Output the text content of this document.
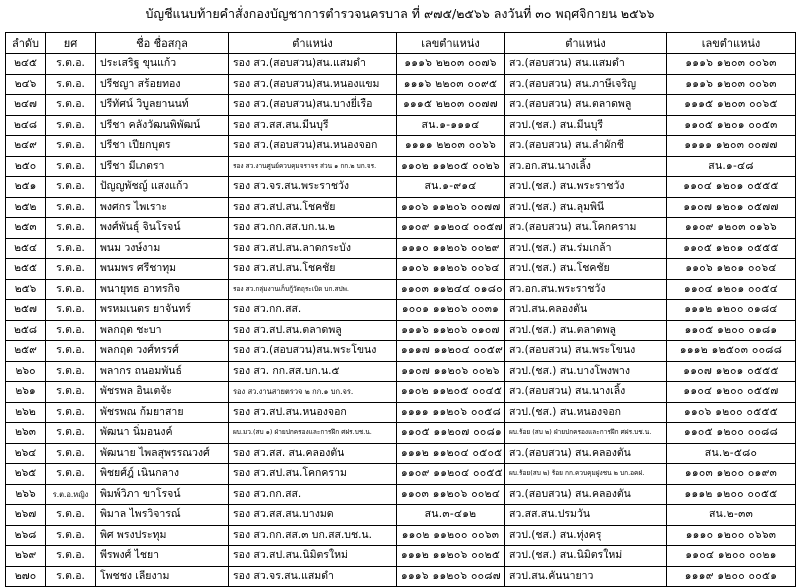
บัญชีแนบท้ายคำสั่งกองบัญชาการตำรวจนครบาล ที่ ๙๗๕/๒๕๖๖ ลงวันที่ ๓๐ พฤศจิกายน ๒๕๖๖
ลำดับ	ยศ	ชื่อ ชื่อสกุล	ตำแหน่ง	เลขตำแหน่ง	ตำแหน่ง	เลขตำแหน่ง
๒๔๕	ร.ต.อ.	ประเสริฐ ขุนแก้ว	รอง สว.(สอบสวน)สน.แสมดำ	๑๑๑๖ ๒๒๐๓ ๐๐๗๖	สว.(สอบสวน) สน.แสมดำ	๑๑๑๖ ๑๒๐๓ ๐๐๖๓
๒๔๖	ร.ต.อ.	ปรีชญา สร้อยทอง	รอง สว.(สอบสวน)สน.หนองแขม	๑๑๑๖ ๒๒๐๓ ๐๐๙๕	สว.(สอบสวน) สน.ภาษีเจริญ	๑๑๑๖ ๑๒๐๓ ๐๐๖๓
๒๔๗	ร.ต.อ.	ปรีทัศน์ วิบูลยานนท์	รอง สว.(สอบสวน)สน.บางยี่เรือ	๑๑๑๕ ๒๒๐๓ ๐๐๗๗	สว.(สอบสวน) สน.ตลาดพลู	๑๑๑๕ ๑๒๐๓ ๐๐๖๕
๒๔๘	ร.ต.อ.	ปรีชา คลังวัฒนพิพัฒน์	รอง สว.สส.สน.มีนบุรี	สน.๑-๑๑๑๔	สวป.(ชส.) สน.มีนบุรี	๑๑๐๕ ๑๒๐๑ ๐๐๕๓
๒๔๙	ร.ต.อ.	ปรีชา เปียกบุตร	รอง สว.(สอบสวน)สน.หนองจอก	๑๑๑๑ ๒๒๐๓ ๐๐๖๖	สว.(สอบสวน) สน.ลำผักชี	๑๑๑๑ ๑๒๐๓ ๐๐๗๗
๒๕๐	ร.ต.อ.	ปรีชา มีเภตรา	รอง สว.งานศูนย์ควบคุมจราจร ส่วน ๑ กก.๒ บก.จร.	๑๑๐๒ ๑๑๒๐๕ ๐๐๒๖	สว.อก.สน.นางเลิ้ง	สน.๑-๔๘
๒๕๑	ร.ต.อ.	ปัญญพัชญ์ แสงแก้ว	รอง สว.จร.สน.พระราชวัง	สน.๑-๙๑๔	สวป.(ชส.) สน.พระราชวัง	๑๑๐๔ ๑๒๐๑ ๐๕๕๕
๒๕๒	ร.ต.อ.	พงศกร ไพเราะ	รอง สว.สป.สน.โชคชัย	๑๑๐๖ ๑๑๒๐๖ ๐๐๗๗	สวป.(ชส.) สน.ลุมพินี	๑๑๐๗ ๑๒๐๑ ๐๕๗๗
๒๕๓	ร.ต.อ.	พงศ์พันธุ์ จินโรจน์	รอง สว.กก.สส.บก.น.๒	๑๑๐๙ ๑๑๒๐๔ ๐๐๕๗	สว.(สอบสวน) สน.โคกคราม	๑๑๐๙ ๑๒๐๓ ๐๑๖๖
๒๕๔	ร.ต.อ.	พนม วงษ์งาม	รอง สว.สป.สน.ลาดกระบัง	๑๑๑๐ ๑๑๒๐๖ ๐๐๒๙	สวป.(ชส.) สน.ร่มเกล้า	๑๑๐๕ ๑๒๐๑ ๐๕๕๕
๒๕๕	ร.ต.อ.	พนมพร ศรีชาทุม	รอง สว.สป.สน.โชคชัย	๑๑๐๖ ๑๑๒๐๖ ๐๐๖๔	สวป.(ชส.) สน.โชคชัย	๑๑๐๖ ๑๒๐๑ ๐๐๖๔
๒๕๖	ร.ต.อ.	พนายุทธ อาทรกิจ	รอง สว.กลุ่มงานเก็บกู้วัตถุระเบิด บก.สปพ.	๑๑๐๓ ๑๑๒๔๔ ๐๑๘๐	สว.อก.สน.พระราชวัง	๑๑๐๔ ๑๒๐๑ ๐๐๕๔
๒๕๗	ร.ต.อ.	พรหมเนตร ยาจันทร์	รอง สว.กก.สส.	๑๐๐๑ ๑๑๒๐๖ ๐๐๓๑	สวป.สน.คลองตัน	๑๑๑๒ ๑๒๐๐ ๐๑๘๔
๒๕๘	ร.ต.อ.	พลกฤต ชะบา	รอง สว.สป.สน.ตลาดพลู	๑๑๑๖ ๑๑๒๐๖ ๐๑๐๗	สวป.(ชส.) สน.ตลาดพลู	๑๑๐๕ ๑๒๐๐ ๐๑๘๑
๒๕๙	ร.ต.อ.	พลกฤต วงศ์ทรรศ์	รอง สว.(สอบสวน)สน.พระโขนง	๑๑๑๗ ๑๑๒๐๔ ๐๐๕๙	สว.(สอบสวน) สน.พระโขนง	๑๑๑๒ ๑๒๕๐๓ ๐๐๘๘
๒๖๐	ร.ต.อ.	พลากร ถนอมพันธ์	รอง สว. กก.สส.บก.น.๕	๑๑๐๗ ๑๑๒๐๖ ๐๐๒๖	สวป.(ชส.) สน.บางโพงพาง	๑๑๐๗ ๑๒๐๑ ๐๕๕๕
๒๖๑	ร.ต.อ.	พัชรพล อินเตจัะ	รอง สว.งานสายตรวจ ๒ กก.๑ บก.จร.	๑๑๐๒ ๑๑๒๐๕ ๐๐๔๕	สว.(สอบสวน) สน.นางเลิ้ง	๑๑๐๔ ๑๒๐๐ ๐๕๕๗
๒๖๒	ร.ต.อ.	พัชรพณ ก้มยาสาย	รอง สว.สป.สน.หนองจอก	๑๑๑๑ ๑๑๒๐๖ ๐๐๕๘	สวป.(ชส.) สน.หนองจอก	๑๑๐๖ ๑๒๐๐ ๐๕๕๕
๒๖๓	ร.ต.อ.	พัฒนา นิ่มอนงค์	ผบ.มว.(สบ ๑) ฝ่ายปกครองและการฝึก ศฝร.บช.น.	๑๑๐๕ ๑๑๒๐๗ ๐๐๘๑	ผบ.ร้อย (สบ ๒) ฝ่ายปกครองและการฝึก ศฝร.บช.น.	๑๑๐๕ ๑๒๐๐ ๐๐๘๘
๒๖๔	ร.ต.อ.	พัฒนาย ไพลสุพรรณวงศ์	รอง สว.สส. สน.คลองตัน	๑๑๑๒ ๑๑๒๐๔ ๐๕๐๕	สว.(สอบสวน) สน.คลองตัน	สน.๒-๕๘๐
๒๖๕	ร.ต.อ.	พิชยศ์ฎ์ เนินกลาง	รอง สว.สป.สน.โคกคราม	๑๑๐๙ ๑๑๒๐๔ ๐๐๕๕	ผบ.ร้อย(สบ ๒) ร้อย กก.ควบคุมฝูงชน ๒ บก.อคฝ.	๑๑๐๓ ๑๒๐๐ ๐๑๙๓
๒๖๖	ร.ต.อ.หญิง	พิมพ์วิภา ขาโรจน์	รอง สว.กก.สส.	๑๑๐๓ ๑๑๒๐๖ ๐๐๒๔	สว.(สอบสวน) สน.คลองตัน	๑๑๑๒ ๑๒๐๐ ๐๐๕๕
๒๖๗	ร.ต.อ.	พิมาล ไพรวิจารณ์	รอง สว.สส.สน.บางมด	สน.๓-๔๑๒	สว.สส.สน.ปรมวัน	สน.๒-๓๓
๒๖๘	ร.ต.อ.	พิศ พรงประทุม	รอง สว.กก.สส.๓ บก.สส.บช.น.	๑๑๐๒ ๑๑๒๐๐ ๐๐๖๓	สวป.(ชส.) สน.ทุ่งครุ	๑๑๑๐ ๑๒๐๐ ๐๖๖๓
๒๖๙	ร.ต.อ.	พีรพงศ์ ไชยา	รอง สว.สป.สน.นิมิตรใหม่	๑๑๑๒ ๑๑๒๐๖ ๐๐๒๕	สวป.(ชส.) สน.นิมิตรใหม่	๑๑๐๔ ๑๒๐๐ ๐๐๒๑
๒๗๐	ร.ต.อ.	โพชชง เลียงาม	รอง สว.จร.สน.แสมดำ	๑๑๑๖ ๑๑๒๐๖ ๐๐๘๗	สวป.สน.คันนายาว	๑๑๑๙ ๑๒๐๐ ๐๐๕๑
